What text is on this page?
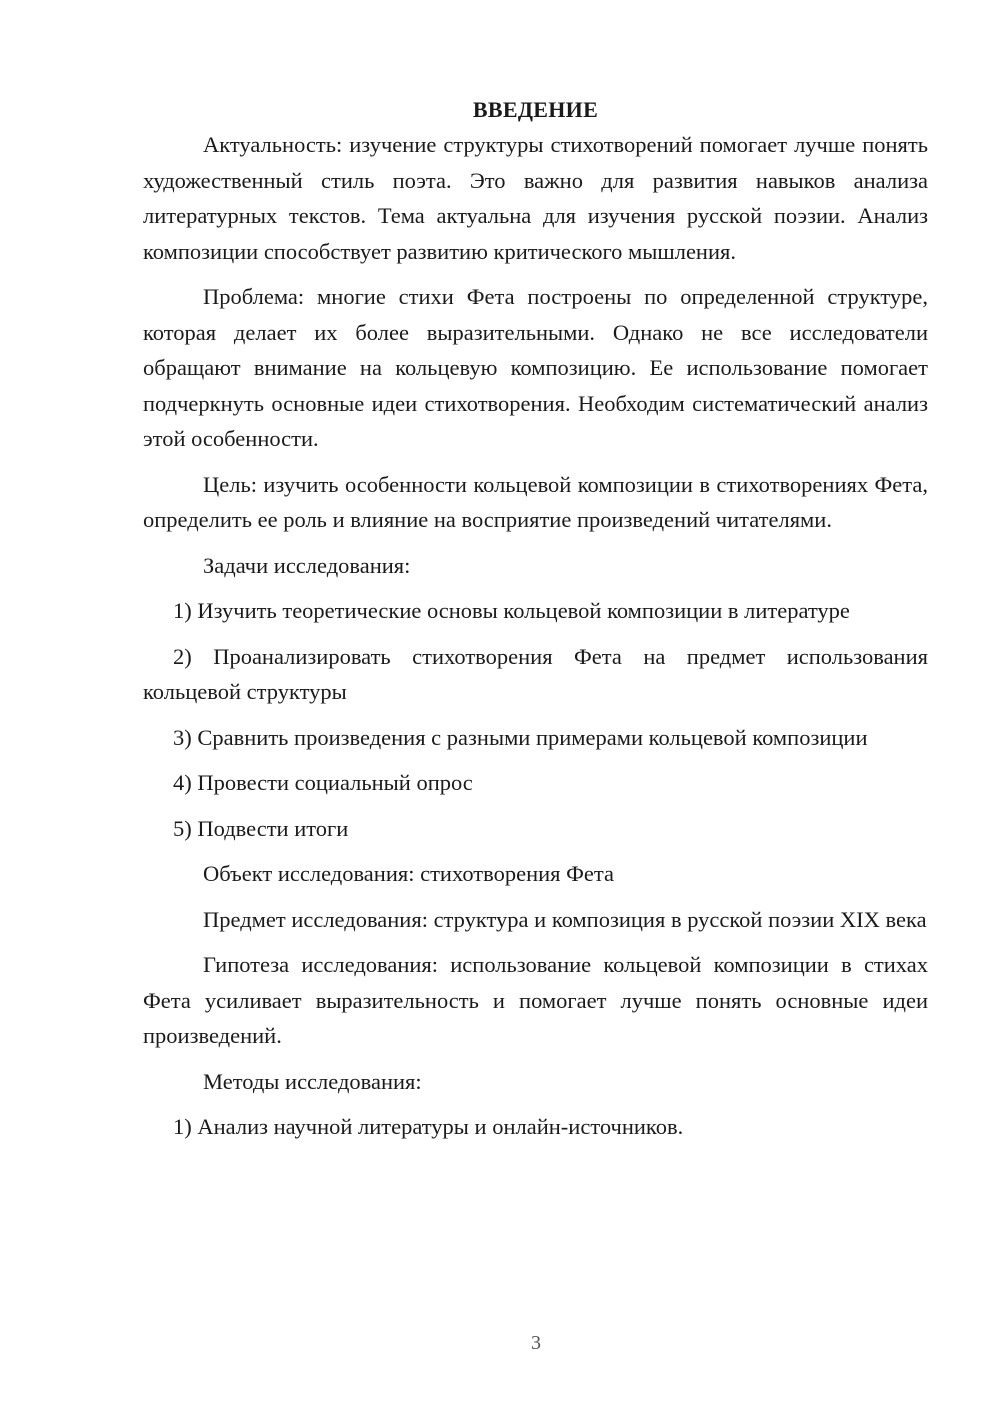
ВВЕДЕНИЕ

Актуальность: изучение структуры стихотворений помогает лучше понять художественный стиль поэта. Это важно для развития навыков анализа литературных текстов. Тема актуальна для изучения русской поэзии. Анализ композиции способствует развитию критического мышления.

Проблема: многие стихи Фета построены по определенной структуре, которая делает их более выразительными. Однако не все исследователи обращают внимание на кольцевую композицию. Ее использование помогает подчеркнуть основные идеи стихотворения. Необходим систематический анализ этой особенности.

Цель: изучить особенности кольцевой композиции в стихотворениях Фета, определить ее роль и влияние на восприятие произведений читателями.

Задачи исследования:

1) Изучить теоретические основы кольцевой композиции в литературе

2) Проанализировать стихотворения Фета на предмет использования кольцевой структуры

3) Сравнить произведения с разными примерами кольцевой композиции

4) Провести социальный опрос

5) Подвести итоги

Объект исследования: стихотворения Фета

Предмет исследования: структура и композиция в русской поэзии XIX века

Гипотеза исследования: использование кольцевой композиции в стихах Фета усиливает выразительность и помогает лучше понять основные идеи произведений.

Методы исследования:

1) Анализ научной литературы и онлайн-источников.

3
